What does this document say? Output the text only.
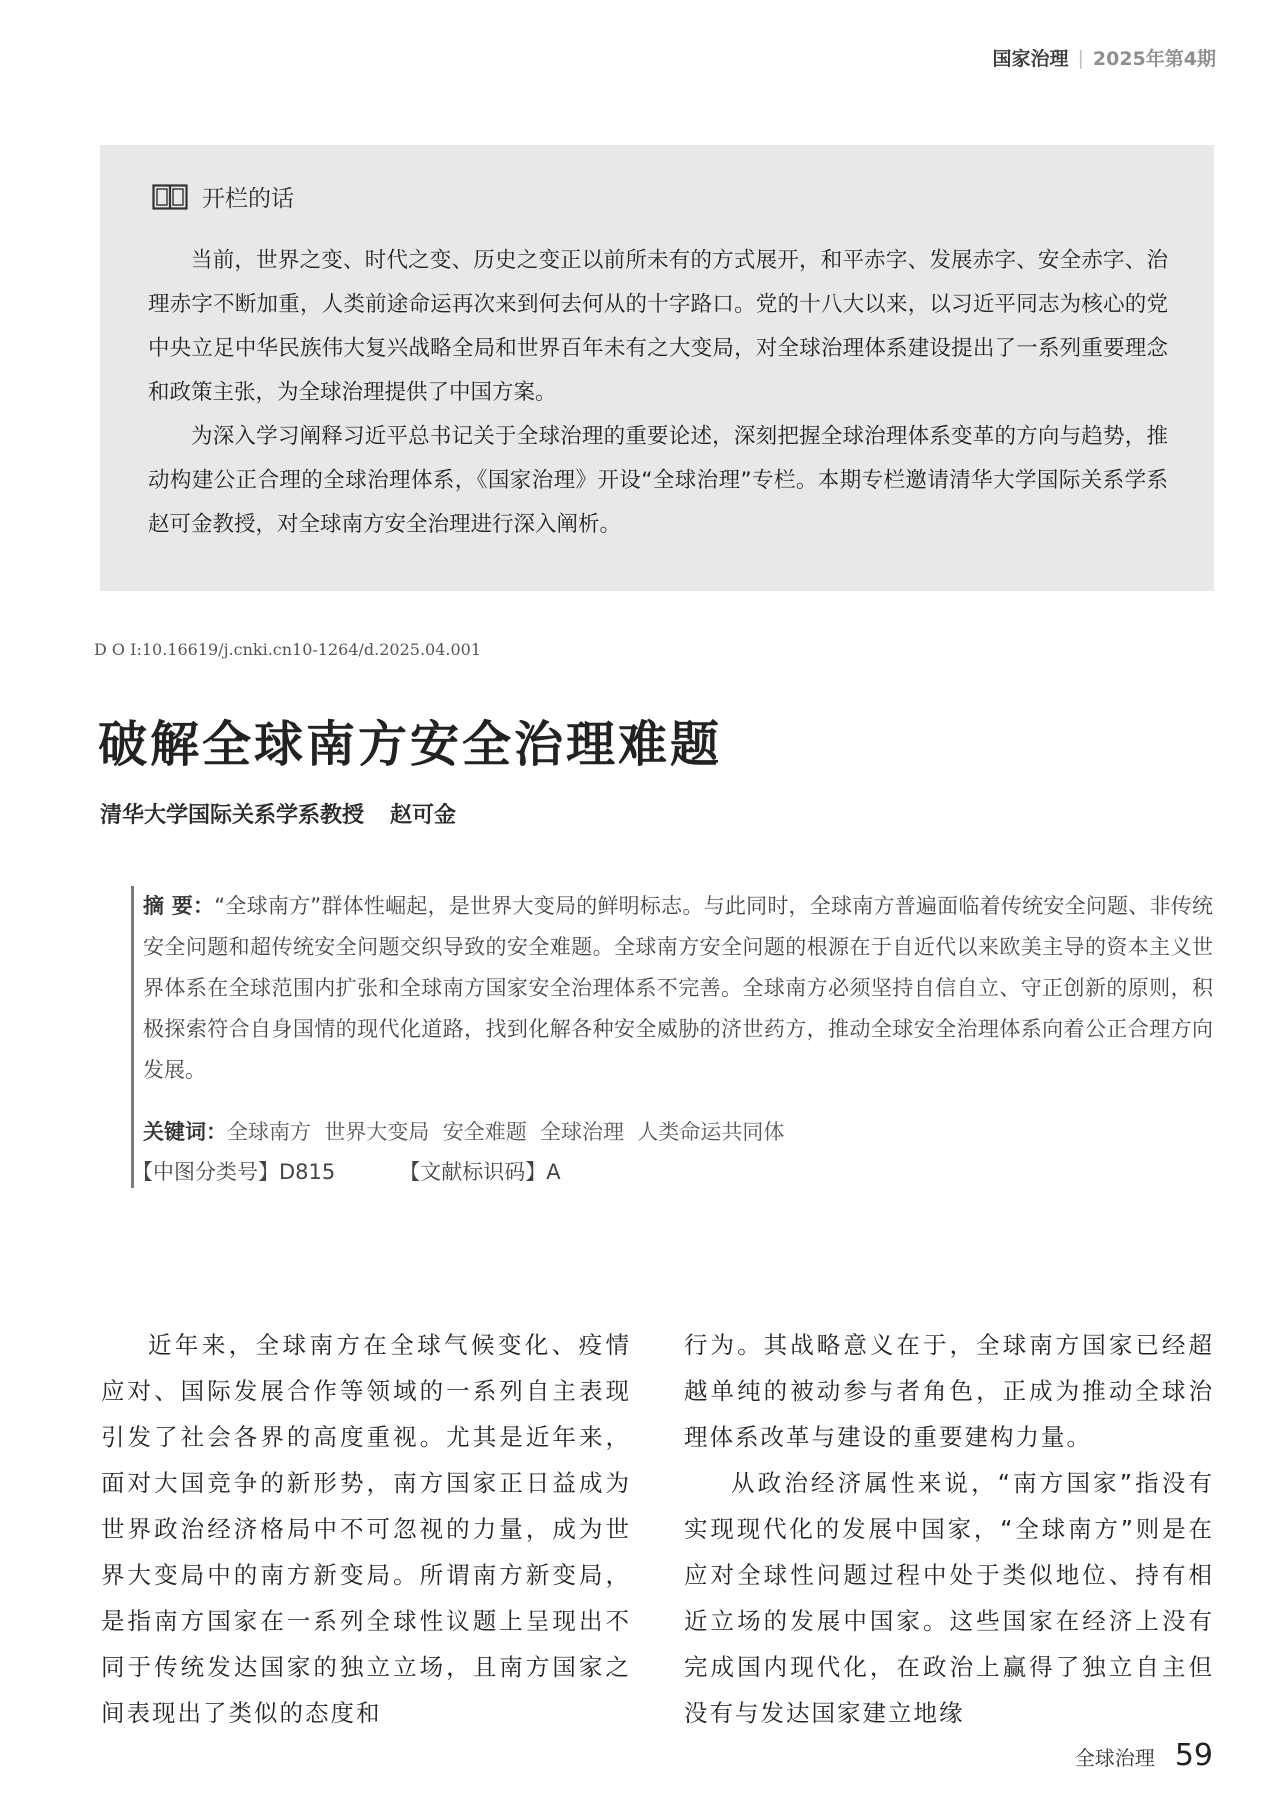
国家治理 | 2025年第4期
开栏的话

当前，世界之变、时代之变、历史之变正以前所未有的方式展开，和平赤字、发展赤字、安全赤字、治理赤字不断加重，人类前途命运再次来到何去何从的十字路口。党的十八大以来，以习近平同志为核心的党中央立足中华民族伟大复兴战略全局和世界百年未有之大变局，对全球治理体系建设提出了一系列重要理念和政策主张，为全球治理提供了中国方案。

为深入学习阐释习近平总书记关于全球治理的重要论述，深刻把握全球治理体系变革的方向与趋势，推动构建公正合理的全球治理体系，《国家治理》开设“全球治理”专栏。本期专栏邀请清华大学国际关系学系赵可金教授，对全球南方安全治理进行深入阐析。

D O I:10.16619/j.cnki.cn10-1264/d.2025.04.001
破解全球南方安全治理难题
清华大学国际关系学系教授 赵可金

摘 要：“全球南方”群体性崛起，是世界大变局的鲜明标志。与此同时，全球南方普遍面临着传统安全问题、非传统安全问题和超传统安全问题交织导致的安全难题。全球南方安全问题的根源在于自近代以来欧美主导的资本主义世界体系在全球范围内扩张和全球南方国家安全治理体系不完善。全球南方必须坚持自信自立、守正创新的原则，积极探索符合自身国情的现代化道路，找到化解各种安全威胁的济世药方，推动全球安全治理体系向着公正合理方向发展。

关键词：全球南方  世界大变局  安全难题  全球治理  人类命运共同体
【中图分类号】D815	【文献标识码】A

近年来，全球南方在全球气候变化、疫情应对、国际发展合作等领域的一系列自主表现引发了社会各界的高度重视。尤其是近年来，面对大国竞争的新形势，南方国家正日益成为世界政治经济格局中不可忽视的力量，成为世界大变局中的南方新变局。所谓南方新变局，是指南方国家在一系列全球性议题上呈现出不同于传统发达国家的独立立场，且南方国家之间表现出了类似的态度和

行为。其战略意义在于，全球南方国家已经超越单纯的被动参与者角色，正成为推动全球治理体系改革与建设的重要建构力量。

从政治经济属性来说，“南方国家”指没有实现现代化的发展中国家，“全球南方”则是在应对全球性问题过程中处于类似地位、持有相近立场的发展中国家。这些国家在经济上没有完成国内现代化，在政治上赢得了独立自主但没有与发达国家建立地缘

全球治理 59
